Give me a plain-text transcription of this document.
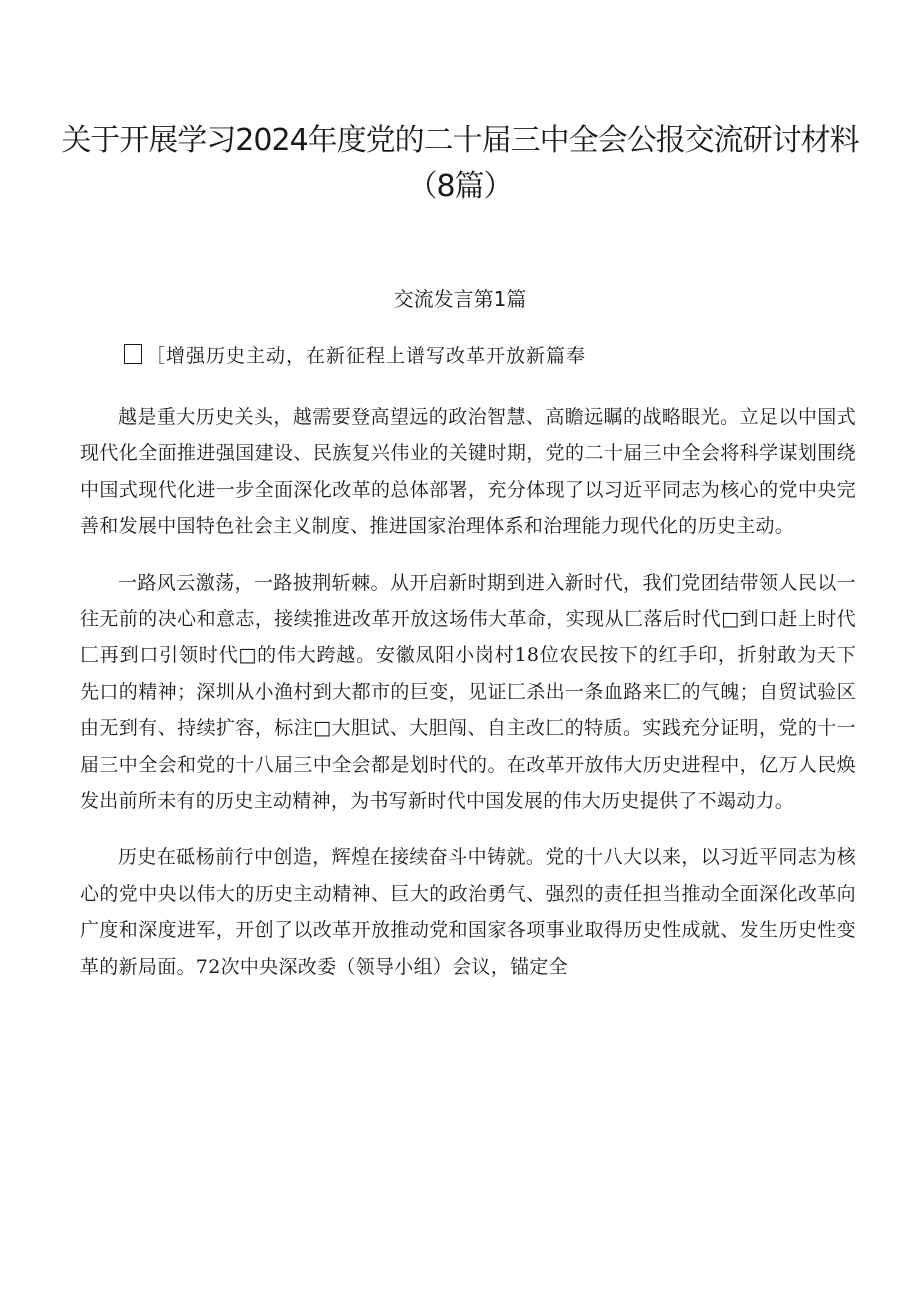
关于开展学习2024年度党的二十届三中全会公报交流研讨材料（8篇）
交流发言第1篇

［增强历史主动，在新征程上谱写改革开放新篇奉

越是重大历史关头，越需要登高望远的政治智慧、高瞻远瞩的战略眼光。立足以中国式现代化全面推进强国建设、民族复兴伟业的关键时期，党的二十届三中全会将科学谋划围绕中国式现代化进一步全面深化改革的总体部署，充分体现了以习近平同志为核心的党中央完善和发展中国特色社会主义制度、推进国家治理体系和治理能力现代化的历史主动。

一路风云激荡，一路披荆斩棘。从开启新时期到进入新时代，我们党团结带领人民以一往无前的决心和意志，接续推进改革开放这场伟大革命，实现从匚落后时代□到口赶上时代匚再到口引领时代□的伟大跨越。安徽凤阳小岗村18位农民按下的红手印，折射敢为天下先口的精神；深圳从小渔村到大都市的巨变，见证匚杀出一条血路来匚的气魄；自贸试验区由无到有、持续扩容，标注□大胆试、大胆闯、自主改匚的特质。实践充分证明，党的十一届三中全会和党的十八届三中全会都是划时代的。在改革开放伟大历史进程中，亿万人民焕发出前所未有的历史主动精神，为书写新时代中国发展的伟大历史提供了不竭动力。

历史在砥杨前行中创造，辉煌在接续奋斗中铸就。党的十八大以来，以习近平同志为核心的党中央以伟大的历史主动精神、巨大的政治勇气、强烈的责任担当推动全面深化改革向广度和深度进军，开创了以改革开放推动党和国家各项事业取得历史性成就、发生历史性变革的新局面。72次中央深改委（领导小组）会议，锚定全
